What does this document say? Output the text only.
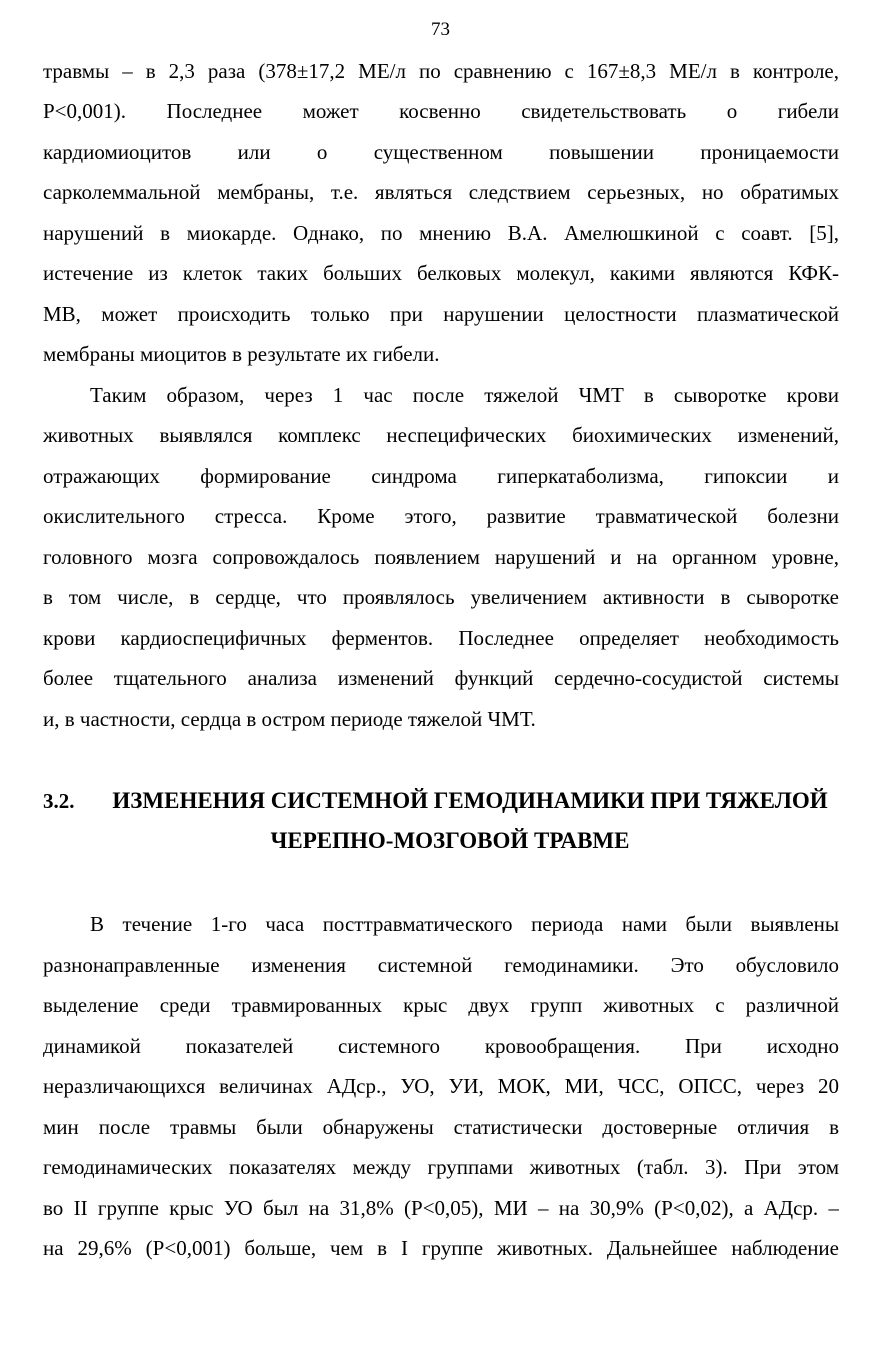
73
травмы – в 2,3 раза (378±17,2 МЕ/л по сравнению с 167±8,3 МЕ/л в контроле,
P<0,001). Последнее может косвенно свидетельствовать о гибели
кардиомиоцитов или о существенном повышении проницаемости
сарколеммальной мембраны, т.е. являться следствием серьезных, но обратимых
нарушений в миокарде. Однако, по мнению В.А. Амелюшкиной с соавт. [5],
истечение из клеток таких больших белковых молекул, какими являются КФК-
МВ, может происходить только при нарушении целостности плазматической
мембраны миоцитов в результате их гибели.
Таким образом, через 1 час после тяжелой ЧМТ в сыворотке крови
животных выявлялся комплекс неспецифических биохимических изменений,
отражающих формирование синдрома гиперкатаболизма, гипоксии и
окислительного стресса. Кроме этого, развитие травматической болезни
головного мозга сопровождалось появлением нарушений и на органном уровне,
в том числе, в сердце, что проявлялось увеличением активности в сыворотке
крови кардиоспецифичных ферментов. Последнее определяет необходимость
более тщательного анализа изменений функций сердечно-сосудистой системы
и, в частности, сердца в остром периоде тяжелой ЧМТ.
3.2.	ИЗМЕНЕНИЯ СИСТЕМНОЙ ГЕМОДИНАМИКИ ПРИ ТЯЖЕЛОЙ
ЧЕРЕПНО-МОЗГОВОЙ ТРАВМЕ
В течение 1-го часа посттравматического периода нами были выявлены
разнонаправленные изменения системной гемодинамики. Это обусловило
выделение среди травмированных крыс двух групп животных с различной
динамикой показателей системного кровообращения. При исходно
неразличающихся величинах АДср., УО, УИ, МОК, МИ, ЧСС, ОПСС, через 20
мин после травмы были обнаружены статистически достоверные отличия в
гемодинамических показателях между группами животных (табл. 3). При этом
во II группе крыс УО был на 31,8% (P<0,05), МИ – на 30,9% (P<0,02), а АДср. –
на 29,6% (P<0,001) больше, чем в I группе животных. Дальнейшее наблюдение
